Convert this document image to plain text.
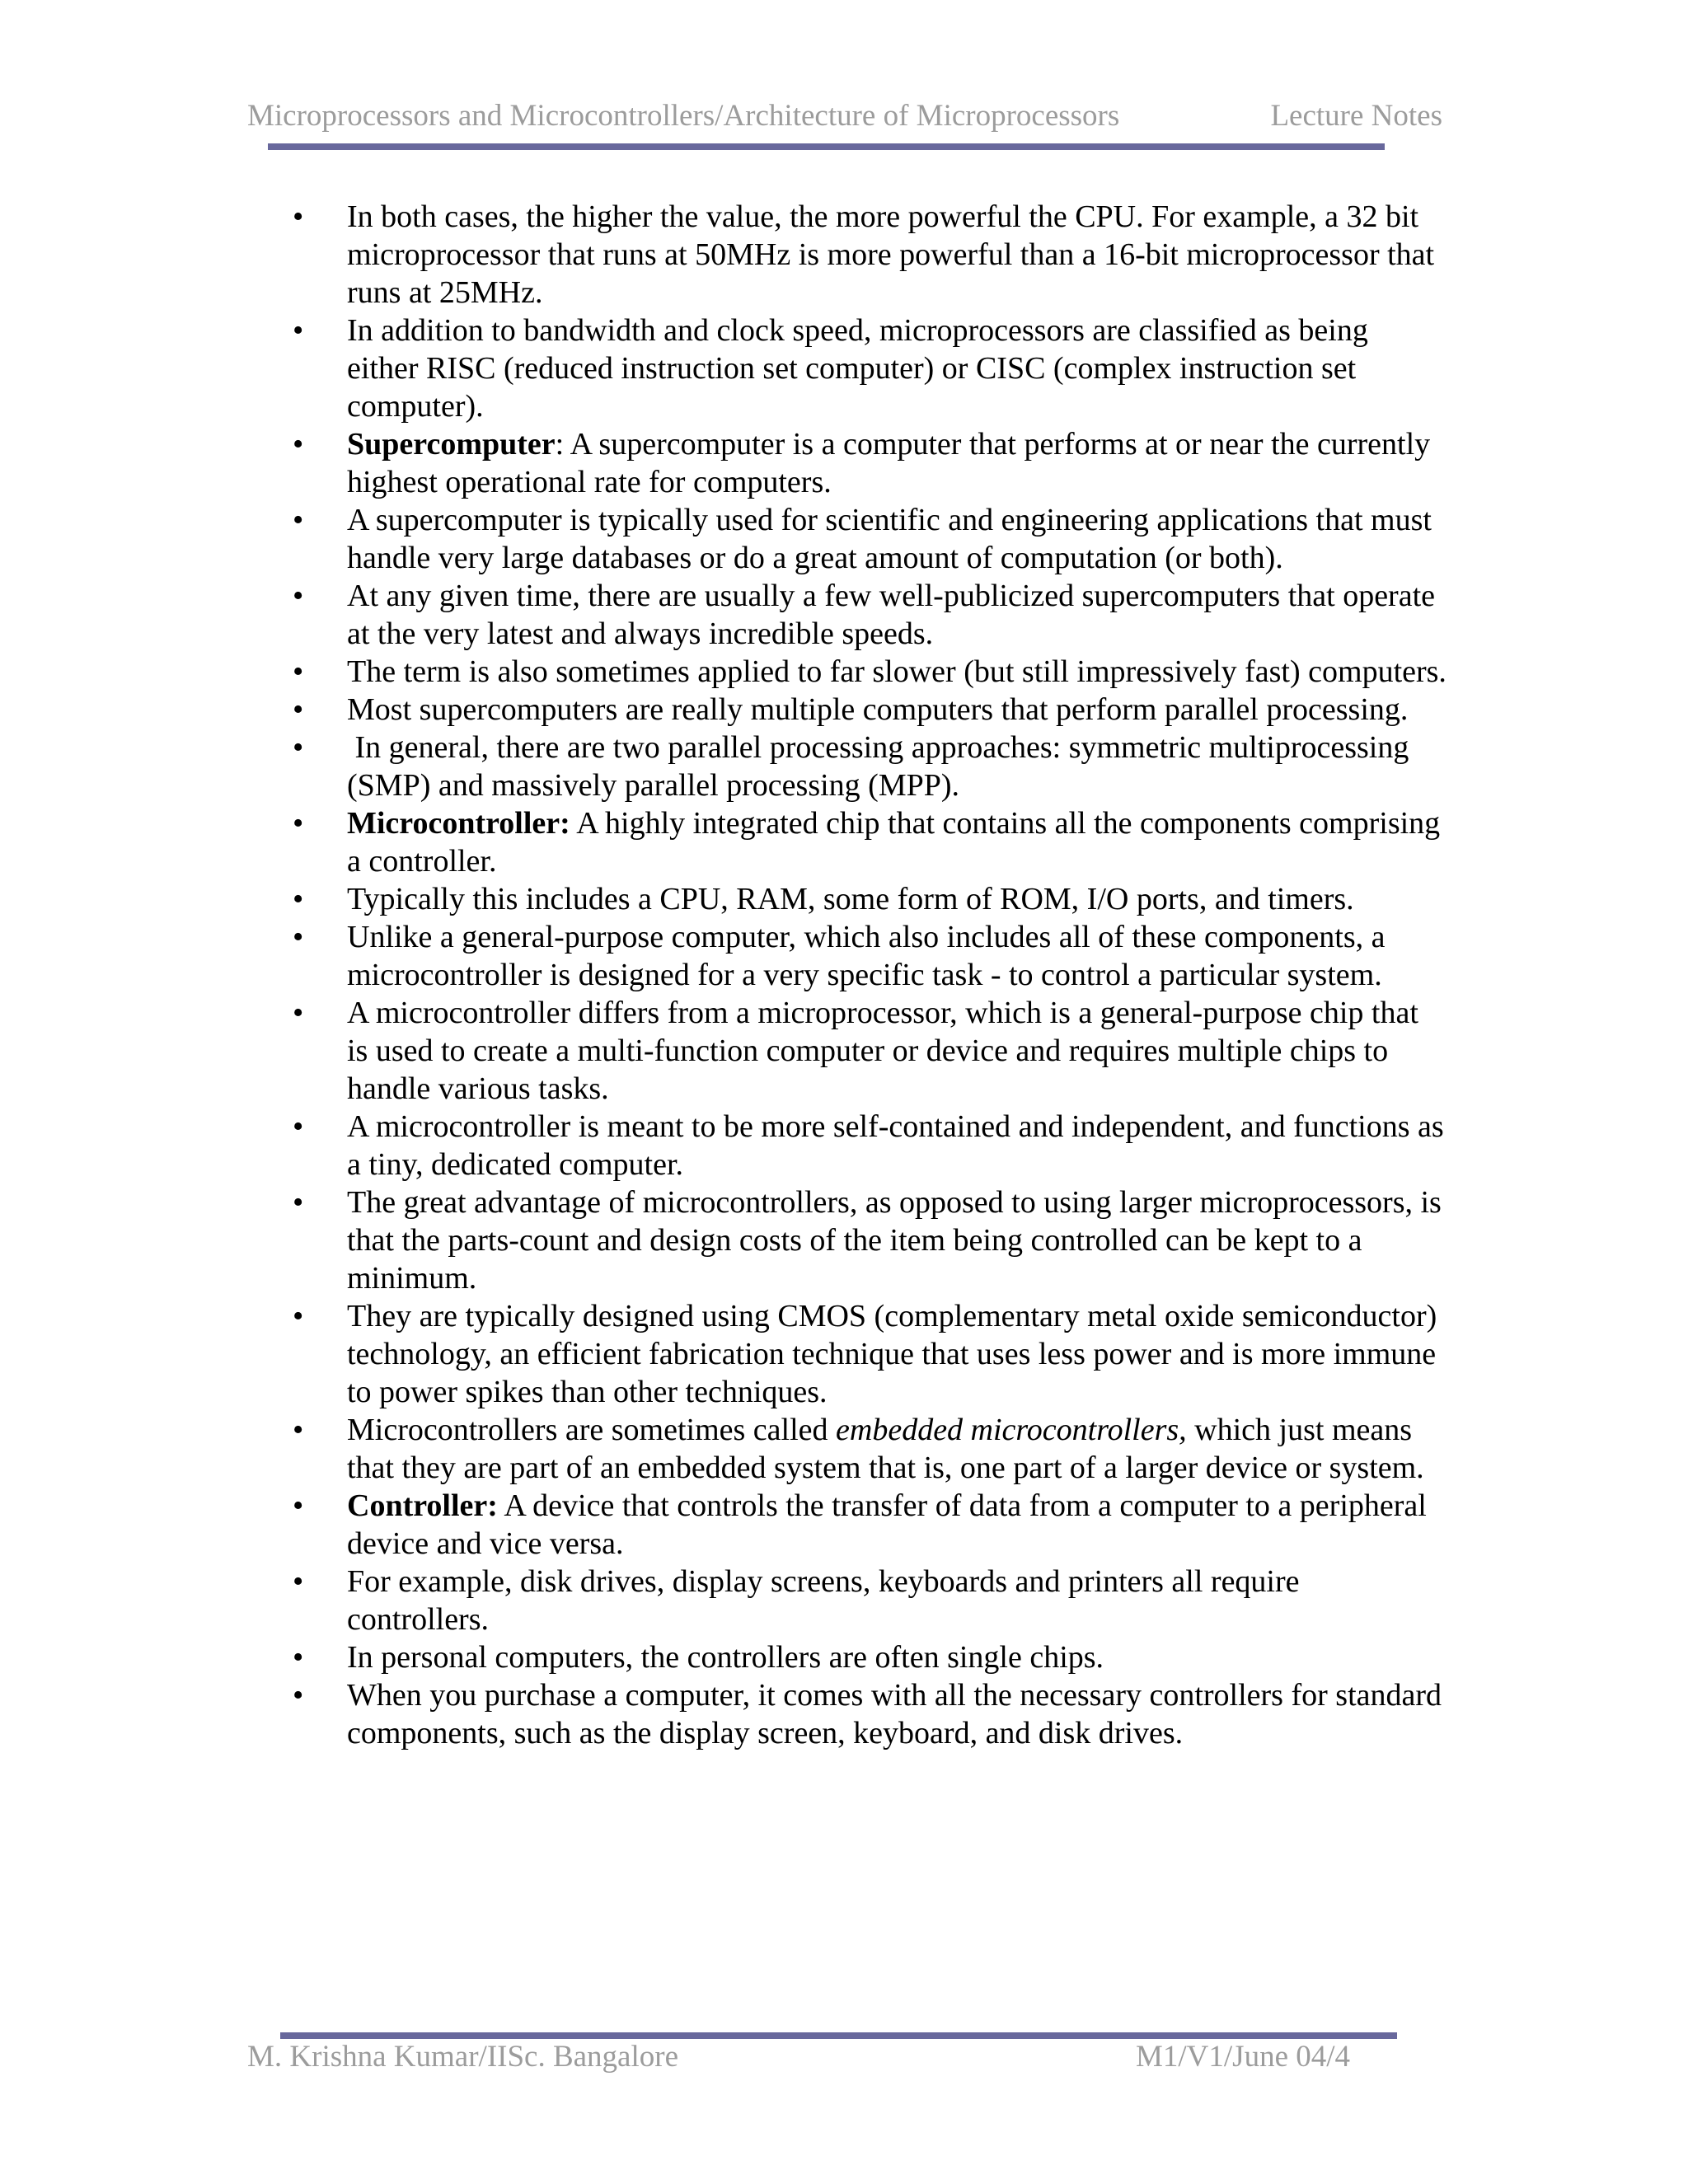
Microprocessors and Microcontrollers/Architecture of Microprocessors	Lecture Notes
•	In both cases, the higher the value, the more powerful the CPU. For example, a 32 bit microprocessor that runs at 50MHz is more powerful than a 16-bit microprocessor that runs at 25MHz.
•	In addition to bandwidth and clock speed, microprocessors are classified as being either RISC (reduced instruction set computer) or CISC (complex instruction set computer).
•	Supercomputer: A supercomputer is a computer that performs at or near the currently highest operational rate for computers.
•	A supercomputer is typically used for scientific and engineering applications that must handle very large databases or do a great amount of computation (or both).
•	At any given time, there are usually a few well-publicized supercomputers that operate at the very latest and always incredible speeds.
•	The term is also sometimes applied to far slower (but still impressively fast) computers.
•	Most supercomputers are really multiple computers that perform parallel processing.
•	In general, there are two parallel processing approaches: symmetric multiprocessing (SMP) and massively parallel processing (MPP).
•	Microcontroller: A highly integrated chip that contains all the components comprising a controller.
•	Typically this includes a CPU, RAM, some form of ROM, I/O ports, and timers.
•	Unlike a general-purpose computer, which also includes all of these components, a microcontroller is designed for a very specific task - to control a particular system.
•	A microcontroller differs from a microprocessor, which is a general-purpose chip that is used to create a multi-function computer or device and requires multiple chips to handle various tasks.
•	A microcontroller is meant to be more self-contained and independent, and functions as a tiny, dedicated computer.
•	The great advantage of microcontrollers, as opposed to using larger microprocessors, is that the parts-count and design costs of the item being controlled can be kept to a minimum.
•	They are typically designed using CMOS (complementary metal oxide semiconductor) technology, an efficient fabrication technique that uses less power and is more immune to power spikes than other techniques.
•	Microcontrollers are sometimes called embedded microcontrollers, which just means that they are part of an embedded system that is, one part of a larger device or system.
•	Controller: A device that controls the transfer of data from a computer to a peripheral device and vice versa.
•	For example, disk drives, display screens, keyboards and printers all require controllers.
•	In personal computers, the controllers are often single chips.
•	When you purchase a computer, it comes with all the necessary controllers for standard components, such as the display screen, keyboard, and disk drives.
M. Krishna Kumar/IISc. Bangalore	M1/V1/June 04/4
